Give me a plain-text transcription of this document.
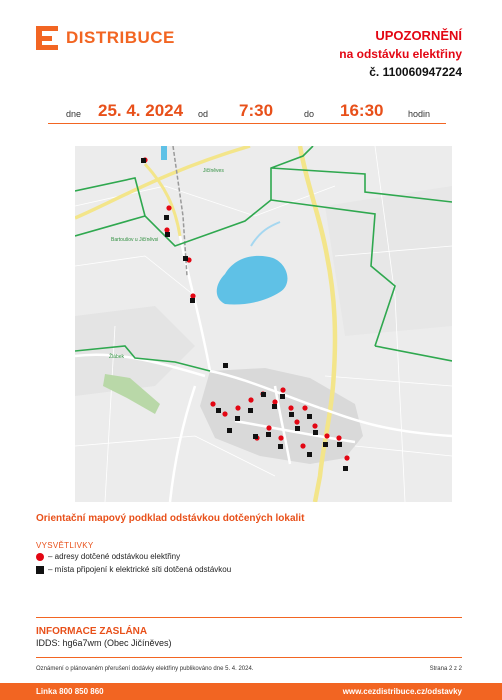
DISTRIBUCE	UPOZORNĚNÍ
na odstávku elektřiny
č. 110060947224
dne 25. 4. 2024 od 7:30	do 16:30	hodin
Jičíněves
Bartoušov u Jičíněvsi
Žlábek
Orientační mapový podklad odstávkou dotčených lokalit
VYSVĚTLIVKY
– adresy dotčené odstávkou elektřiny
– místa připojení k elektrické síti dotčená odstávkou
INFORMACE ZASLÁNA
IDDS: hg6a7wm (Obec Jičíněves)
Oznámení o plánovaném přerušení dodávky elektřiny publikováno dne 5. 4. 2024.	Strana 2 z 2
Linka 800 850 860	www.cezdistribuce.cz/odstavky
